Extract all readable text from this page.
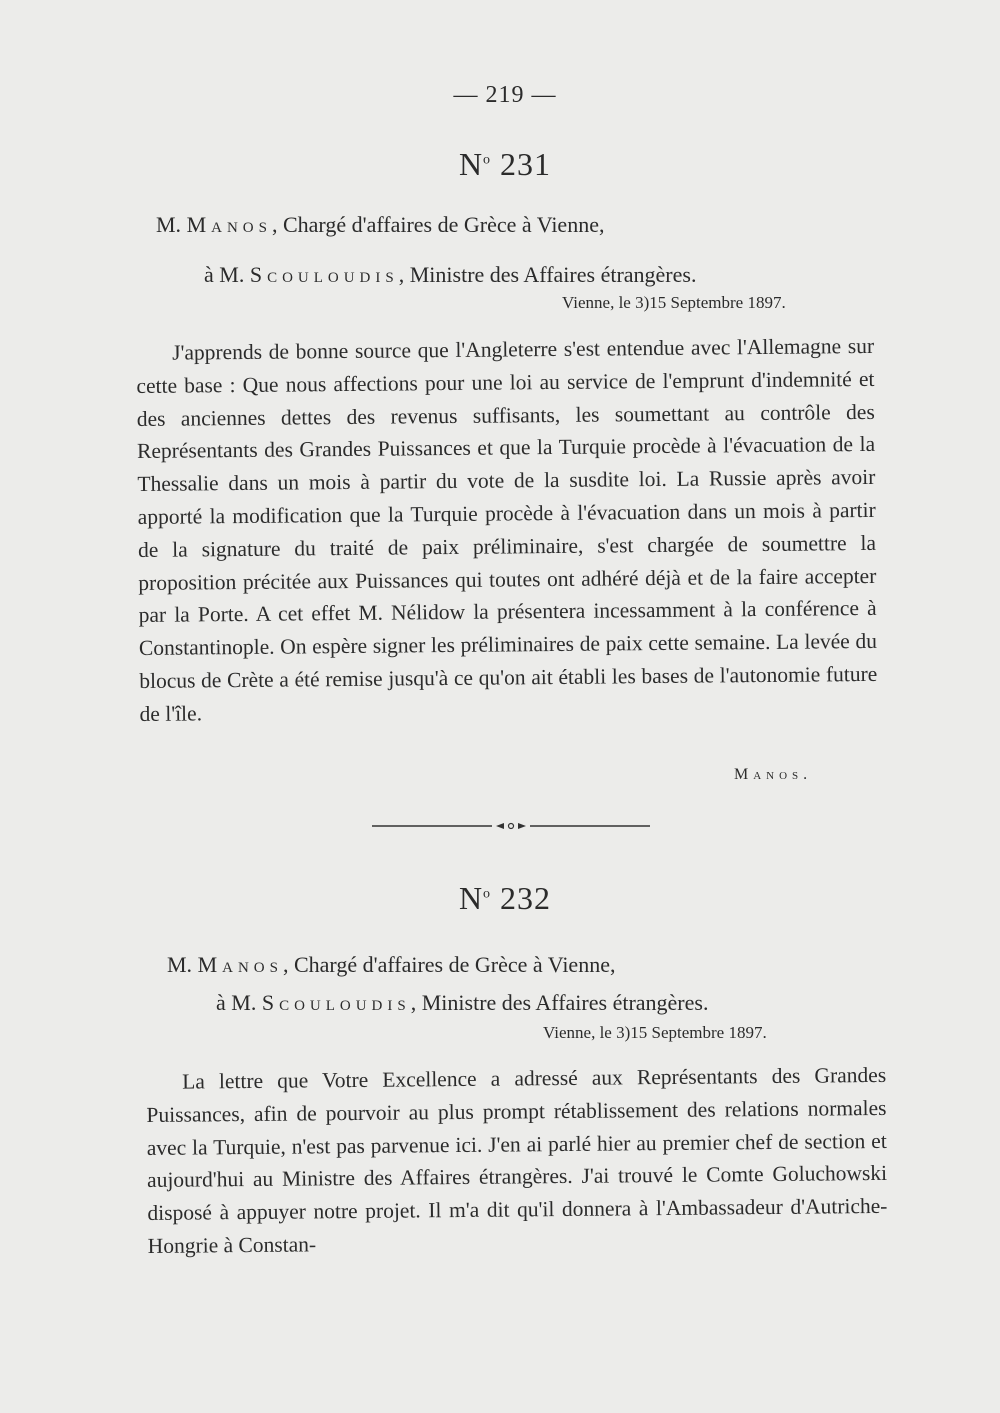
— 219 —
$N^o$ 231
M. Manos, Chargé d'affaires de Grèce à Vienne,
à M. Scouloudis, Ministre des Affaires étrangères.
Vienne, le 3)15 Septembre 1897.

J'apprends de bonne source que l'Angleterre s'est entendue avec l'Allemagne sur cette base : Que nous affections pour une loi au service de l'emprunt d'indemnité et des anciennes dettes des revenus suffisants, les soumettant au contrôle des Représentants des Grandes Puissances et que la Turquie procède à l'évacuation de la Thessalie dans un mois à partir du vote de la susdite loi. La Russie après avoir apporté la modification que la Turquie procède à l'évacuation dans un mois à partir de la signature du traité de paix préliminaire, s'est chargée de soumettre la proposition précitée aux Puissances qui toutes ont adhéré déjà et de la faire accepter par la Porte. A cet effet M. Nélidow la présentera incessamment à la conférence à Constantinople. On espère signer les préliminaires de paix cette semaine. La levée du blocus de Crète a été remise jusqu'à ce qu'on ait établi les bases de l'autonomie future de l'île.

Manos.
$N^o$ 232
M. Manos, Chargé d'affaires de Grèce à Vienne,
à M. Scouloudis, Ministre des Affaires étrangères.
Vienne, le 3)15 Septembre 1897.

La lettre que Votre Excellence a adressé aux Représentants des Grandes Puissances, afin de pourvoir au plus prompt rétablissement des relations normales avec la Turquie, n'est pas parvenue ici. J'en ai parlé hier au premier chef de section et aujourd'hui au Ministre des Affaires étrangères. J'ai trouvé le Comte Goluchowski disposé à appuyer notre projet. Il m'a dit qu'il donnera à l'Ambassadeur d'Autriche-Hongrie à Constan-
